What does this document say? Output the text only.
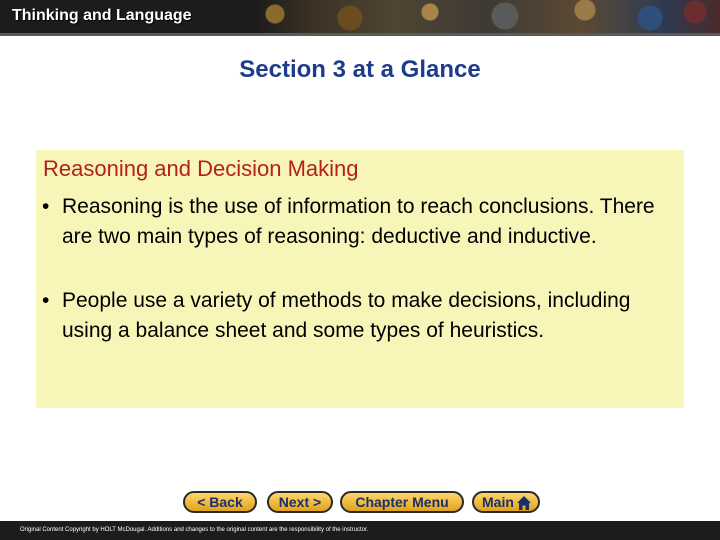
Thinking and Language
Section 3 at a Glance
Reasoning and Decision Making
• Reasoning is the use of information to reach conclusions. There are two main types of reasoning: deductive and inductive.
• People use a variety of methods to make decisions, including using a balance sheet and some types of heuristics.
< Back	Next > Chapter Menu Main
Original Content Copyright by HOLT McDougal. Additions and changes to the original content are the responsibility of the instructor.
